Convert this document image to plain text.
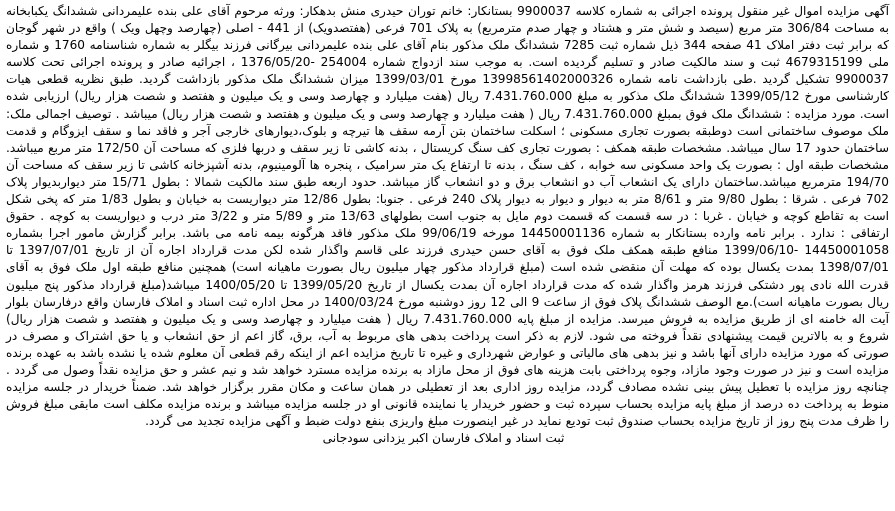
آگهی مزایده اموال غیر منقول پرونده اجرائی به شماره کلاسه 9900037 بستانکار: خانم توران حیدری منش بدهکار: ورثه مرحوم آقای علی بنده علیمردانی ششدانگ یکبابخانه به مساحت 306/84 متر مربع (سیصد و شش متر و هشتاد و چهار صدم مترمربع) به پلاک 701 فرعی (هفتصدویک) از 441 - اصلی (چهارصد وچهل ویک ) واقع در شهر گوجان که برابر ثبت دفتر املاک 41 صفحه 344 ذیل شماره ثبت 7285 ششدانگ ملک مذکور بنام آقای علی بنده علیمردانی بیرگانی فرزند بیگلر به شماره شناسنامه 1760 و شماره ملی 4679315199 ثبت و سند مالکیت صادر و تسلیم گردیده است. به موجب سند ازدواج شماره 254004 -1376/05/20 ، اجرائیه صادر و پرونده اجرائی تحت کلاسه 9900037 تشکیل گردید .طی بازداشت نامه شماره 13998561402000326 مورخ 1399/03/01 میزان ششدانگ ملک مذکور بازداشت گردید. طبق نظریه قطعی هیات کارشناسی مورخ 1399/05/12 ششدانگ ملک مذکور به مبلغ 7.431.760.000 ریال (هفت میلیارد و چهارصد وسی و یک میلیون و هفتصد و شصت هزار ریال) ارزیابی شده است. مورد مزایده : ششدانگ ملک فوق بمبلغ 7.431.760.000 ریال ( هفت میلیارد و چهارصد وسی و یک میلیون و هفتصد و شصت هزار ریال) میباشد . توصیف اجمالی ملک: ملک موصوف ساختمانی است دوطبقه بصورت تجاری مسکونی ؛ اسکلت ساختمان بتن آرمه سقف ها تیرچه و بلوک،دیوارهای خارجی آجر و فاقد نما و سقف ایزوگام و قدمت ساختمان حدود 17 سال میباشد. مشخصات طبقه همکف : بصورت تجاری کف سنگ کریستال ، بدنه کاشی تا زیر سقف و دربها فلزی که مساحت آن 172/50 متر مربع میباشد. مشخصات طبقه اول : بصورت یک واحد مسکونی سه خوابه ، کف سنگ ، بدنه تا ارتفاع یک متر سرامیک ، پنجره ها آلومینیوم، بدنه آشپزخانه کاشی تا زیر سقف که مساحت آن 194/70 مترمربع میباشد.ساختمان دارای یک انشعاب آب دو انشعاب برق و دو انشعاب گاز میباشد. حدود اربعه طبق سند مالکیت شمالا : بطول 15/71 متر دیواربدیوار پلاک 702 فرعی . شرقا : بطول 9/80 متر و 8/61 متر به دیوار و دیوار به دیوار پلاک 240 فرعی . جنوبا: بطول 12/86 متر دیواریست به خیابان و بطول 1/83 متر که پخی شکل است به تقاطع کوچه و خیابان . غربا : در سه قسمت که قسمت دوم مایل به جنوب است بطولهای 13/63 متر و 5/89 متر و 3/22 متر درب و دیواریست به کوچه . حقوق ارتفاقی : ندارد . برابر نامه وارده بستانکار به شماره 14450001136 مورخه 99/06/19 ملک مذکور فاقد هرگونه بیمه نامه می باشد. برابر گزارش مامور اجرا بشماره 14450001058 -1399/06/10 منافع طبقه همکف ملک فوق به آقای حسن حیدری فرزند علی قاسم واگذار شده لکن مدت قرارداد اجاره آن از تاریخ 1397/07/01 تا 1398/07/01 بمدت یکسال بوده که مهلت آن منقضی شده است (مبلغ قرارداد مذکور چهار میلیون ریال بصورت ماهیانه است) همچنین منافع طبقه اول ملک فوق به آقای قدرت الله نادی پور دشتکی فرزند هرمز واگذار شده که مدت قرارداد اجاره آن بمدت یکسال از تاریخ 1399/05/20 تا 1400/05/20 میباشد(مبلغ قرارداد مذکور پنج میلیون ریال بصورت ماهیانه است).مع الوصف ششدانگ پلاک فوق از ساعت 9 الی 12 روز دوشنبه مورخ 1400/03/24 در محل اداره ثبت اسناد و املاک فارسان واقع درفارسان بلوار آیت اله خامنه ای از طریق مزایده به فروش میرسد. مزایده از مبلغ پایه 7.431.760.000 ریال ( هفت میلیارد و چهارصد وسی و یک میلیون و هفتصد و شصت هزار ریال) شروع و به بالاترین قیمت پیشنهادی نقداً فروخته می شود. لازم به ذکر است پرداخت بدهی های مربوط به آب، برق، گاز اعم از حق انشعاب و یا حق اشتراک و مصرف در صورتی که مورد مزایده دارای آنها باشد و نیز بدهی های مالیاتی و عوارض شهرداری و غیره تا تاریخ مزایده اعم از اینکه رقم قطعی آن معلوم شده یا نشده باشد به عهده برنده مزایده است و نیز در صورت وجود مازاد، وجوه پرداختی بابت هزینه های فوق از محل مازاد به برنده مزایده مسترد خواهد شد و نیم عشر و حق مزایده نقداً وصول می گردد . چنانچه روز مزایده با تعطیل پیش بینی نشده مصادف گردد، مزایده روز اداری بعد از تعطیلی در همان ساعت و مکان مقرر برگزار خواهد شد. ضمناً خریدار در جلسه مزایده منوط به پرداخت ده درصد از مبلغ پایه مزایده بحساب سپرده ثبت و حضور خریدار یا نماینده قانونی او در جلسه مزایده میباشد و برنده مزایده مکلف است مابقی مبلغ فروش را ظرف مدت پنج روز از تاریخ مزایده بحساب صندوق ثبت تودیع نماید در غیر اینصورت مبلغ واریزی بنفع دولت ضبط و آگهی مزایده تجدید می گردد.

ثبت اسناد و املاک فارسان اکبر یزدانی سودجانی
